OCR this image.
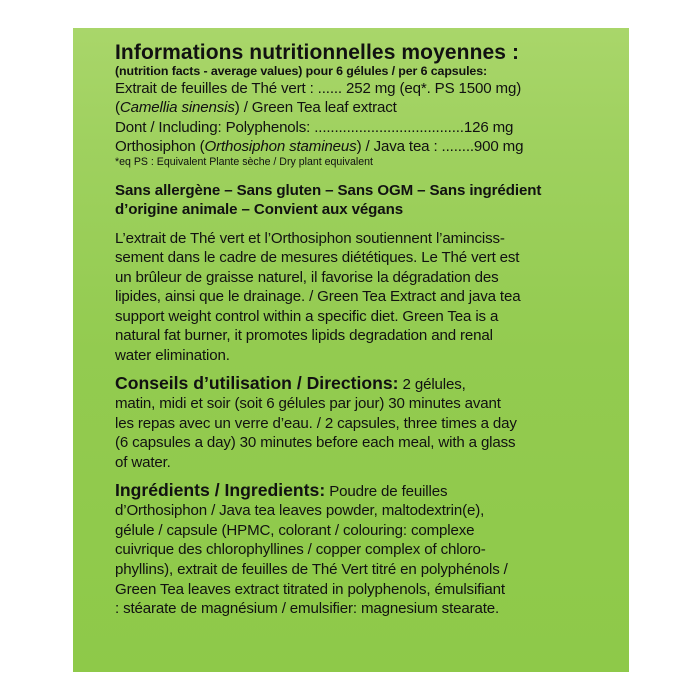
Informations nutritionnelles moyennes :
(nutrition facts - average values) pour 6 gélules / per 6 capsules:
Extrait de feuilles de Thé vert : ...... 252 mg (eq*. PS 1500 mg)
(Camellia sinensis) / Green Tea leaf extract
Dont / Including: Polyphenols: .....................................126 mg
Orthosiphon (Orthosiphon stamineus) / Java tea : ........900 mg
*eq PS : Equivalent Plante sèche / Dry plant equivalent
Sans allergène – Sans gluten – Sans OGM – Sans ingrédient
d’origine animale – Convient aux végans
L’extrait de Thé vert et l’Orthosiphon soutiennent l’aminciss-
sement dans le cadre de mesures diététiques. Le Thé vert est
un brûleur de graisse naturel, il favorise la dégradation des
lipides, ainsi que le drainage. / Green Tea Extract and java tea
support weight control within a specific diet. Green Tea is a
natural fat burner, it promotes lipids degradation and renal
water elimination.
Conseils d’utilisation / Directions: 2 gélules,
matin, midi et soir (soit 6 gélules par jour) 30 minutes avant
les repas avec un verre d’eau. / 2 capsules, three times a day
(6 capsules a day) 30 minutes before each meal, with a glass
of water.
Ingrédients / Ingredients: Poudre de feuilles
d’Orthosiphon / Java tea leaves powder, maltodextrin(e),
gélule / capsule (HPMC, colorant / colouring: complexe
cuivrique des chlorophyllines / copper complex of chloro-
phyllins), extrait de feuilles de Thé Vert titré en polyphénols /
Green Tea leaves extract titrated in polyphenols, émulsifiant
: stéarate de magnésium / emulsifier: magnesium stearate.
